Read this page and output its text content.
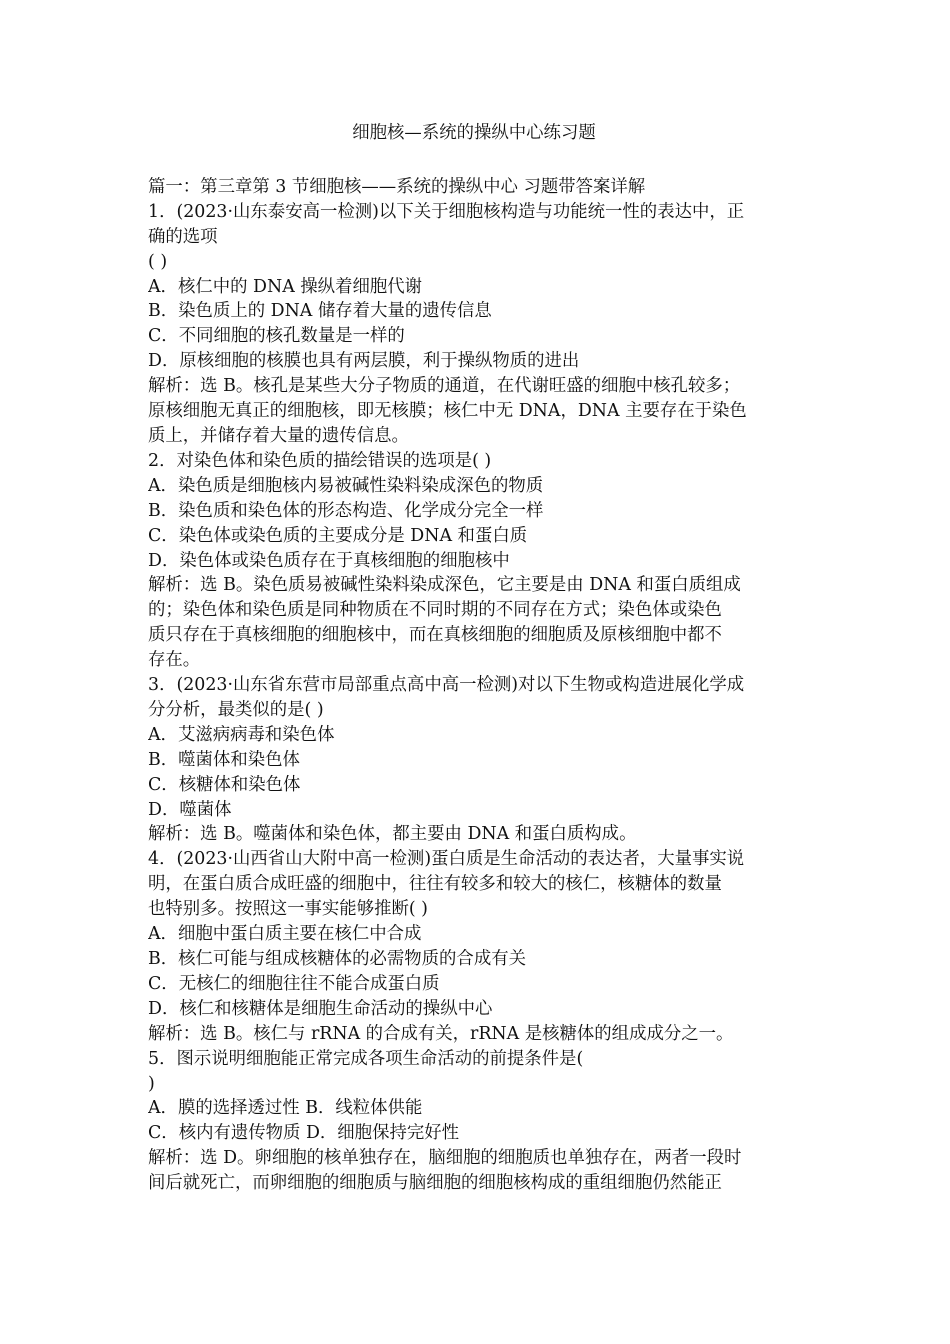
细胞核—系统的操纵中心练习题
篇一：第三章第 3 节细胞核——系统的操纵中心 习题带答案详解
1．(2023·山东泰安高一检测)以下关于细胞核构造与功能统一性的表达中，正
确的选项
( )
A．核仁中的 DNA 操纵着细胞代谢
B．染色质上的 DNA 储存着大量的遗传信息
C．不同细胞的核孔数量是一样的
D．原核细胞的核膜也具有两层膜，利于操纵物质的进出
解析：选 B。核孔是某些大分子物质的通道，在代谢旺盛的细胞中核孔较多；
原核细胞无真正的细胞核，即无核膜；核仁中无 DNA，DNA 主要存在于染色
质上，并储存着大量的遗传信息。
2．对染色体和染色质的描绘错误的选项是( )
A．染色质是细胞核内易被碱性染料染成深色的物质
B．染色质和染色体的形态构造、化学成分完全一样
C．染色体或染色质的主要成分是 DNA 和蛋白质
D．染色体或染色质存在于真核细胞的细胞核中
解析：选 B。染色质易被碱性染料染成深色，它主要是由 DNA 和蛋白质组成
的；染色体和染色质是同种物质在不同时期的不同存在方式；染色体或染色
质只存在于真核细胞的细胞核中，而在真核细胞的细胞质及原核细胞中都不
存在。
3．(2023·山东省东营市局部重点高中高一检测)对以下生物或构造进展化学成
分分析，最类似的是( )
A．艾滋病病毒和染色体
B．噬菌体和染色体
C．核糖体和染色体
D．噬菌体
解析：选 B。噬菌体和染色体，都主要由 DNA 和蛋白质构成。
4．(2023·山西省山大附中高一检测)蛋白质是生命活动的表达者，大量事实说
明，在蛋白质合成旺盛的细胞中，往往有较多和较大的核仁，核糖体的数量
也特别多。按照这一事实能够推断( )
A．细胞中蛋白质主要在核仁中合成
B．核仁可能与组成核糖体的必需物质的合成有关
C．无核仁的细胞往往不能合成蛋白质
D．核仁和核糖体是细胞生命活动的操纵中心
解析：选 B。核仁与 rRNA 的合成有关，rRNA 是核糖体的组成成分之一。
5．图示说明细胞能正常完成各项生命活动的前提条件是(
)
A．膜的选择透过性 B．线粒体供能
C．核内有遗传物质 D．细胞保持完好性
解析：选 D。卵细胞的核单独存在，脑细胞的细胞质也单独存在，两者一段时
间后就死亡，而卵细胞的细胞质与脑细胞的细胞核构成的重组细胞仍然能正
